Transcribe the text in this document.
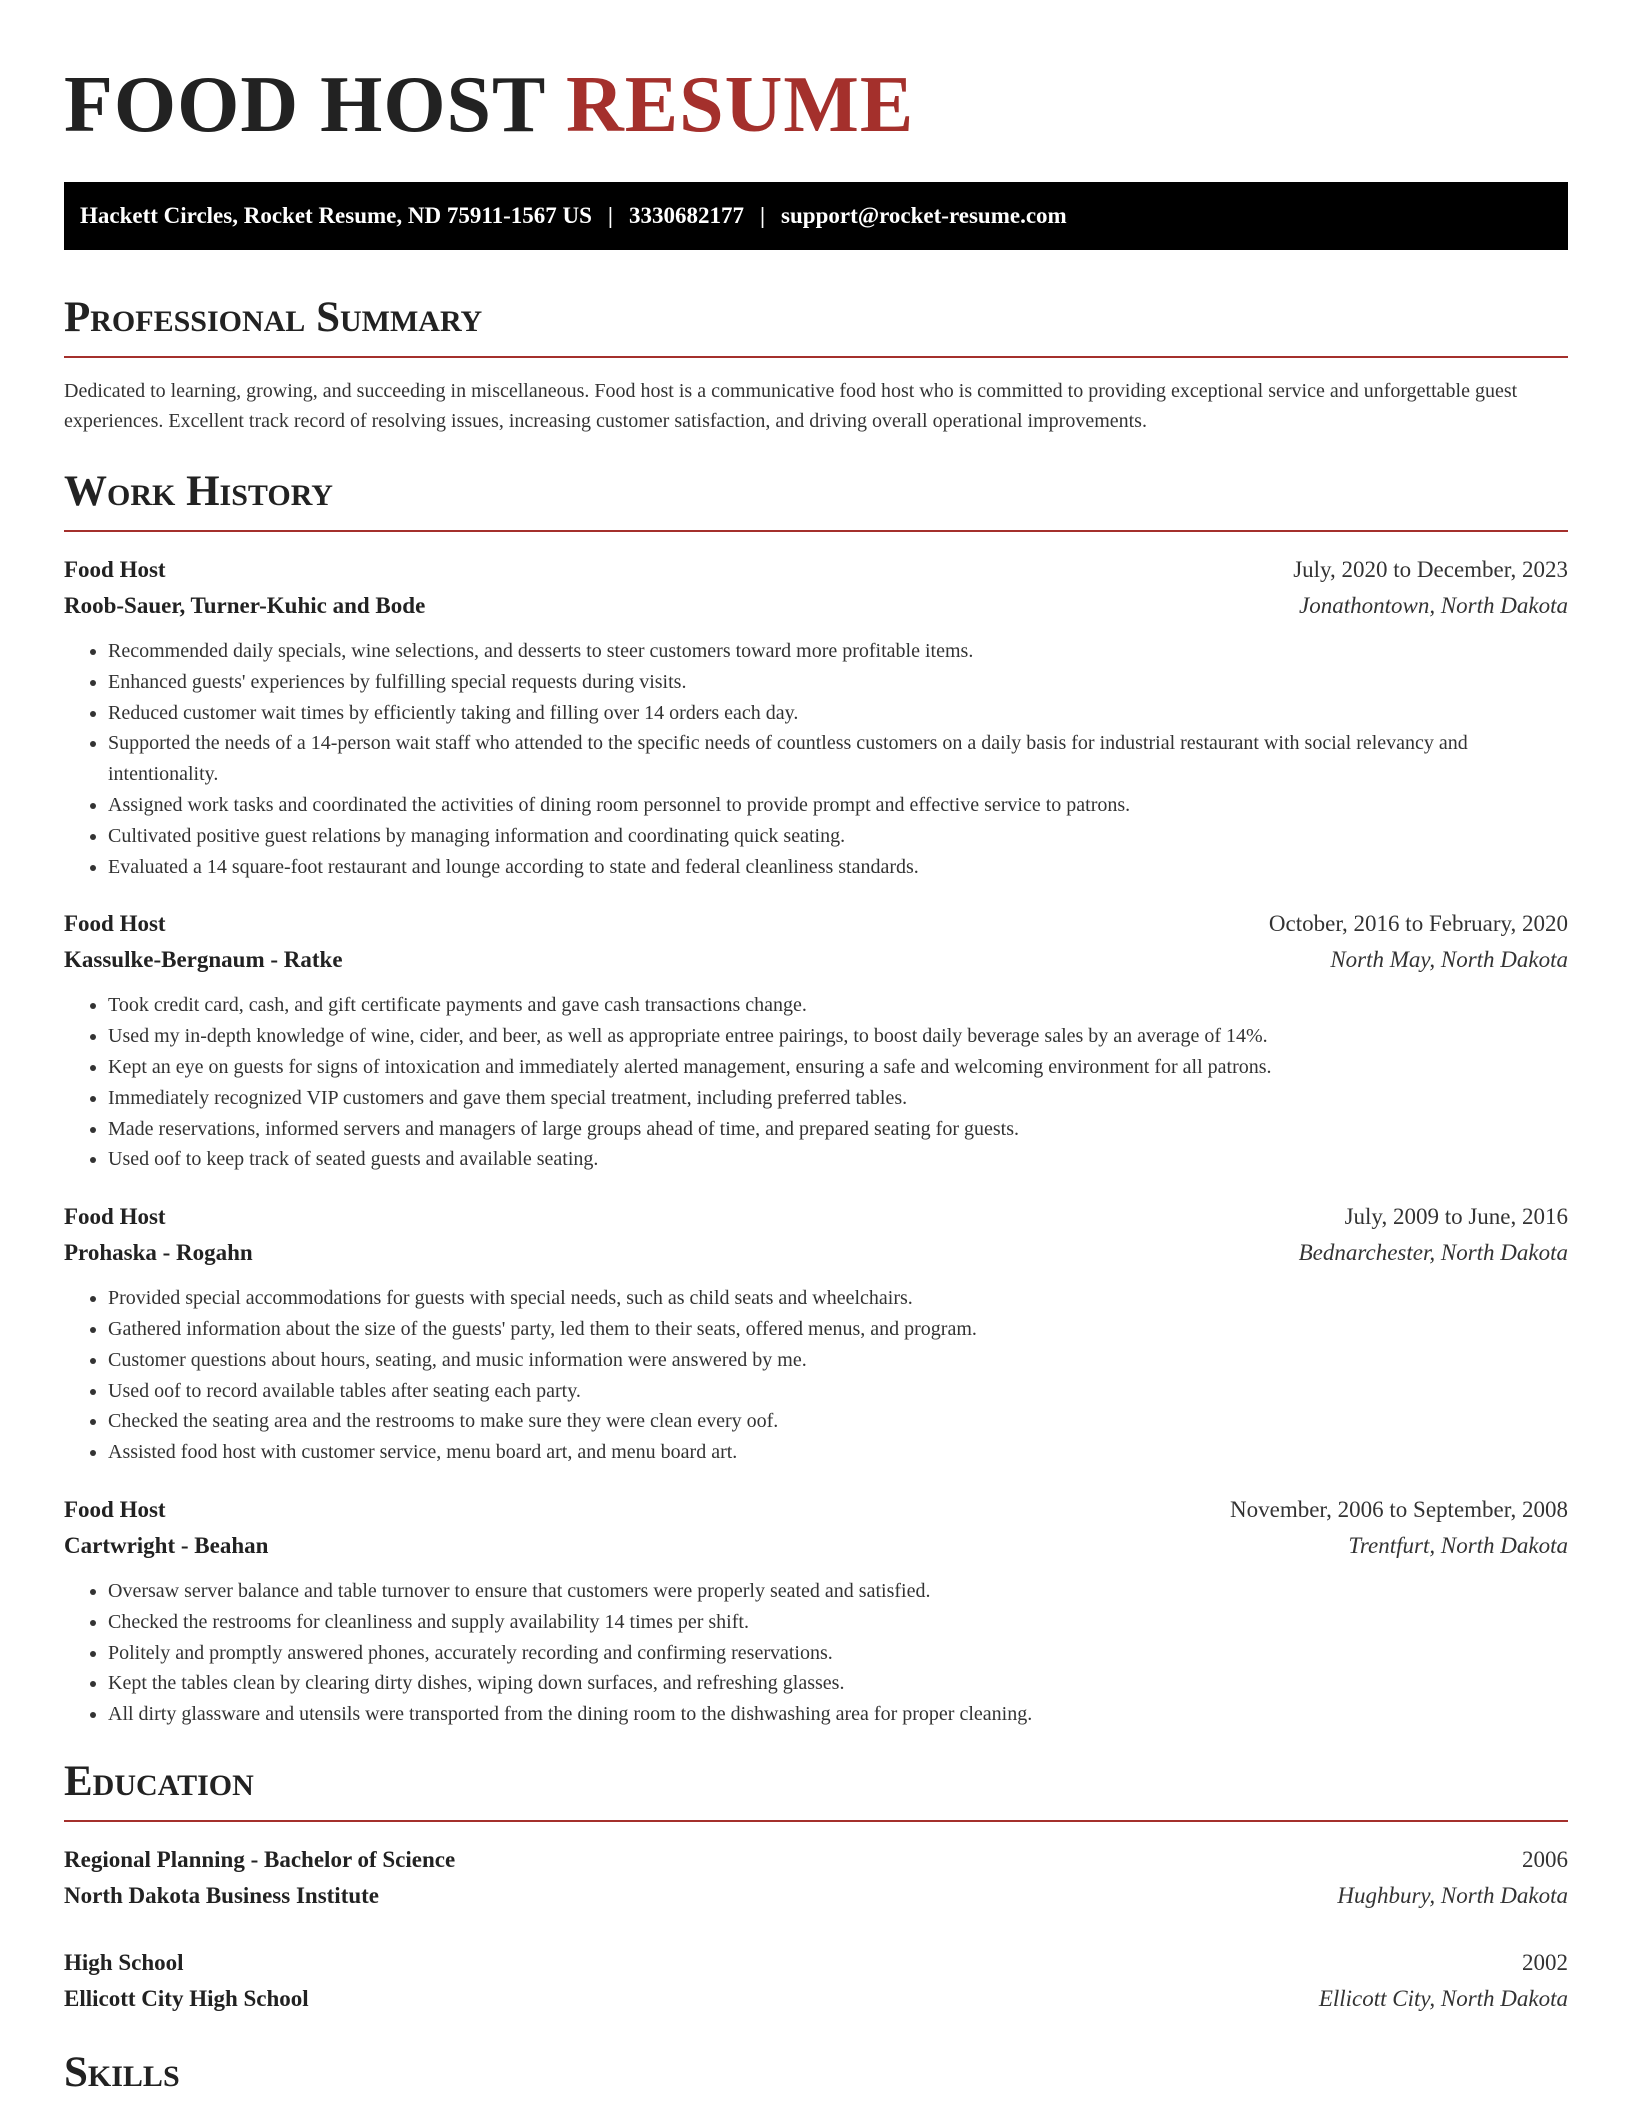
FOOD HOST RESUME
Hackett Circles, Rocket Resume, ND 75911-1567 US | 3330682177 | support@rocket-resume.com
Professional Summary

Dedicated to learning, growing, and succeeding in miscellaneous. Food host is a communicative food host who is committed to providing exceptional service and unforgettable guest experiences. Excellent track record of resolving issues, increasing customer satisfaction, and driving overall operational improvements.

Work History
Food Host	July, 2020 to December, 2023
Roob-Sauer, Turner-Kuhic and Bode	Jonathontown, North Dakota
• Recommended daily specials, wine selections, and desserts to steer customers toward more profitable items.
• Enhanced guests' experiences by fulfilling special requests during visits.
• Reduced customer wait times by efficiently taking and filling over 14 orders each day.
• Supported the needs of a 14-person wait staff who attended to the specific needs of countless customers on a daily basis for industrial restaurant with social relevancy and intentionality.
• Assigned work tasks and coordinated the activities of dining room personnel to provide prompt and effective service to patrons.
• Cultivated positive guest relations by managing information and coordinating quick seating.
• Evaluated a 14 square-foot restaurant and lounge according to state and federal cleanliness standards.
Food Host	October, 2016 to February, 2020
Kassulke-Bergnaum - Ratke	North May, North Dakota
• Took credit card, cash, and gift certificate payments and gave cash transactions change.
• Used my in-depth knowledge of wine, cider, and beer, as well as appropriate entree pairings, to boost daily beverage sales by an average of 14%.
• Kept an eye on guests for signs of intoxication and immediately alerted management, ensuring a safe and welcoming environment for all patrons.
• Immediately recognized VIP customers and gave them special treatment, including preferred tables.
• Made reservations, informed servers and managers of large groups ahead of time, and prepared seating for guests.
• Used oof to keep track of seated guests and available seating.
Food Host	July, 2009 to June, 2016
Prohaska - Rogahn	Bednarchester, North Dakota
• Provided special accommodations for guests with special needs, such as child seats and wheelchairs.
• Gathered information about the size of the guests' party, led them to their seats, offered menus, and program.
• Customer questions about hours, seating, and music information were answered by me.
• Used oof to record available tables after seating each party.
• Checked the seating area and the restrooms to make sure they were clean every oof.
• Assisted food host with customer service, menu board art, and menu board art.
Food Host	November, 2006 to September, 2008
Cartwright - Beahan	Trentfurt, North Dakota
• Oversaw server balance and table turnover to ensure that customers were properly seated and satisfied.
• Checked the restrooms for cleanliness and supply availability 14 times per shift.
• Politely and promptly answered phones, accurately recording and confirming reservations.
• Kept the tables clean by clearing dirty dishes, wiping down surfaces, and refreshing glasses.
• All dirty glassware and utensils were transported from the dining room to the dishwashing area for proper cleaning.
Education
Regional Planning - Bachelor of Science	2006
North Dakota Business Institute	Hughbury, North Dakota
High School	2002
Ellicott City High School	Ellicott City, North Dakota
Skills
